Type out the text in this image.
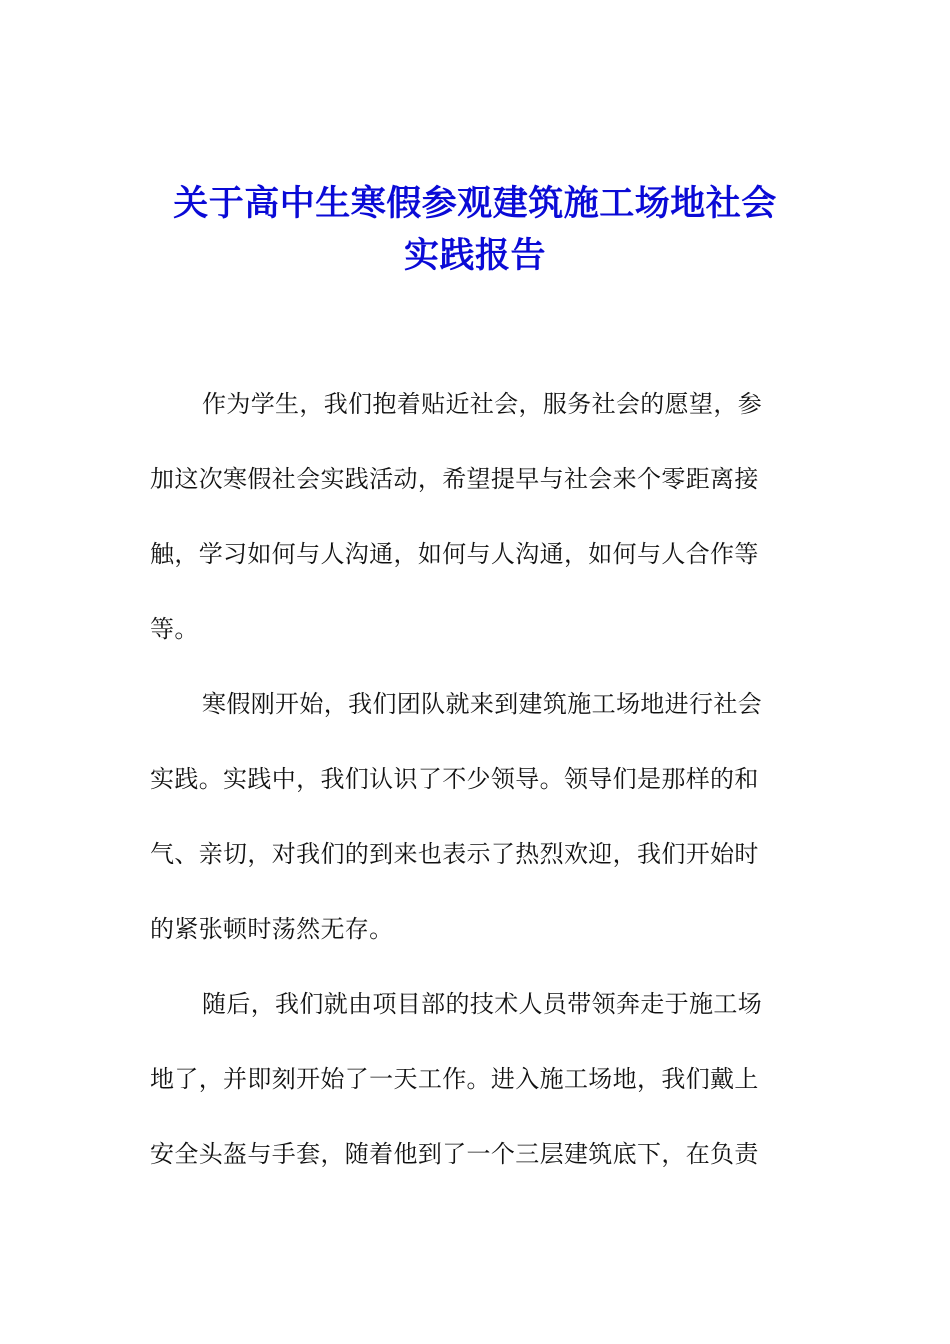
关于高中生寒假参观建筑施工场地社会
实践报告

作为学生，我们抱着贴近社会，服务社会的愿望，参
加这次寒假社会实践活动，希望提早与社会来个零距离接
触，学习如何与人沟通，如何与人沟通，如何与人合作等
等。

寒假刚开始，我们团队就来到建筑施工场地进行社会
实践。实践中，我们认识了不少领导。领导们是那样的和
气、亲切，对我们的到来也表示了热烈欢迎，我们开始时
的紧张顿时荡然无存。

随后，我们就由项目部的技术人员带领奔走于施工场
地了，并即刻开始了一天工作。进入施工场地，我们戴上
安全头盔与手套，随着他到了一个三层建筑底下，在负责
